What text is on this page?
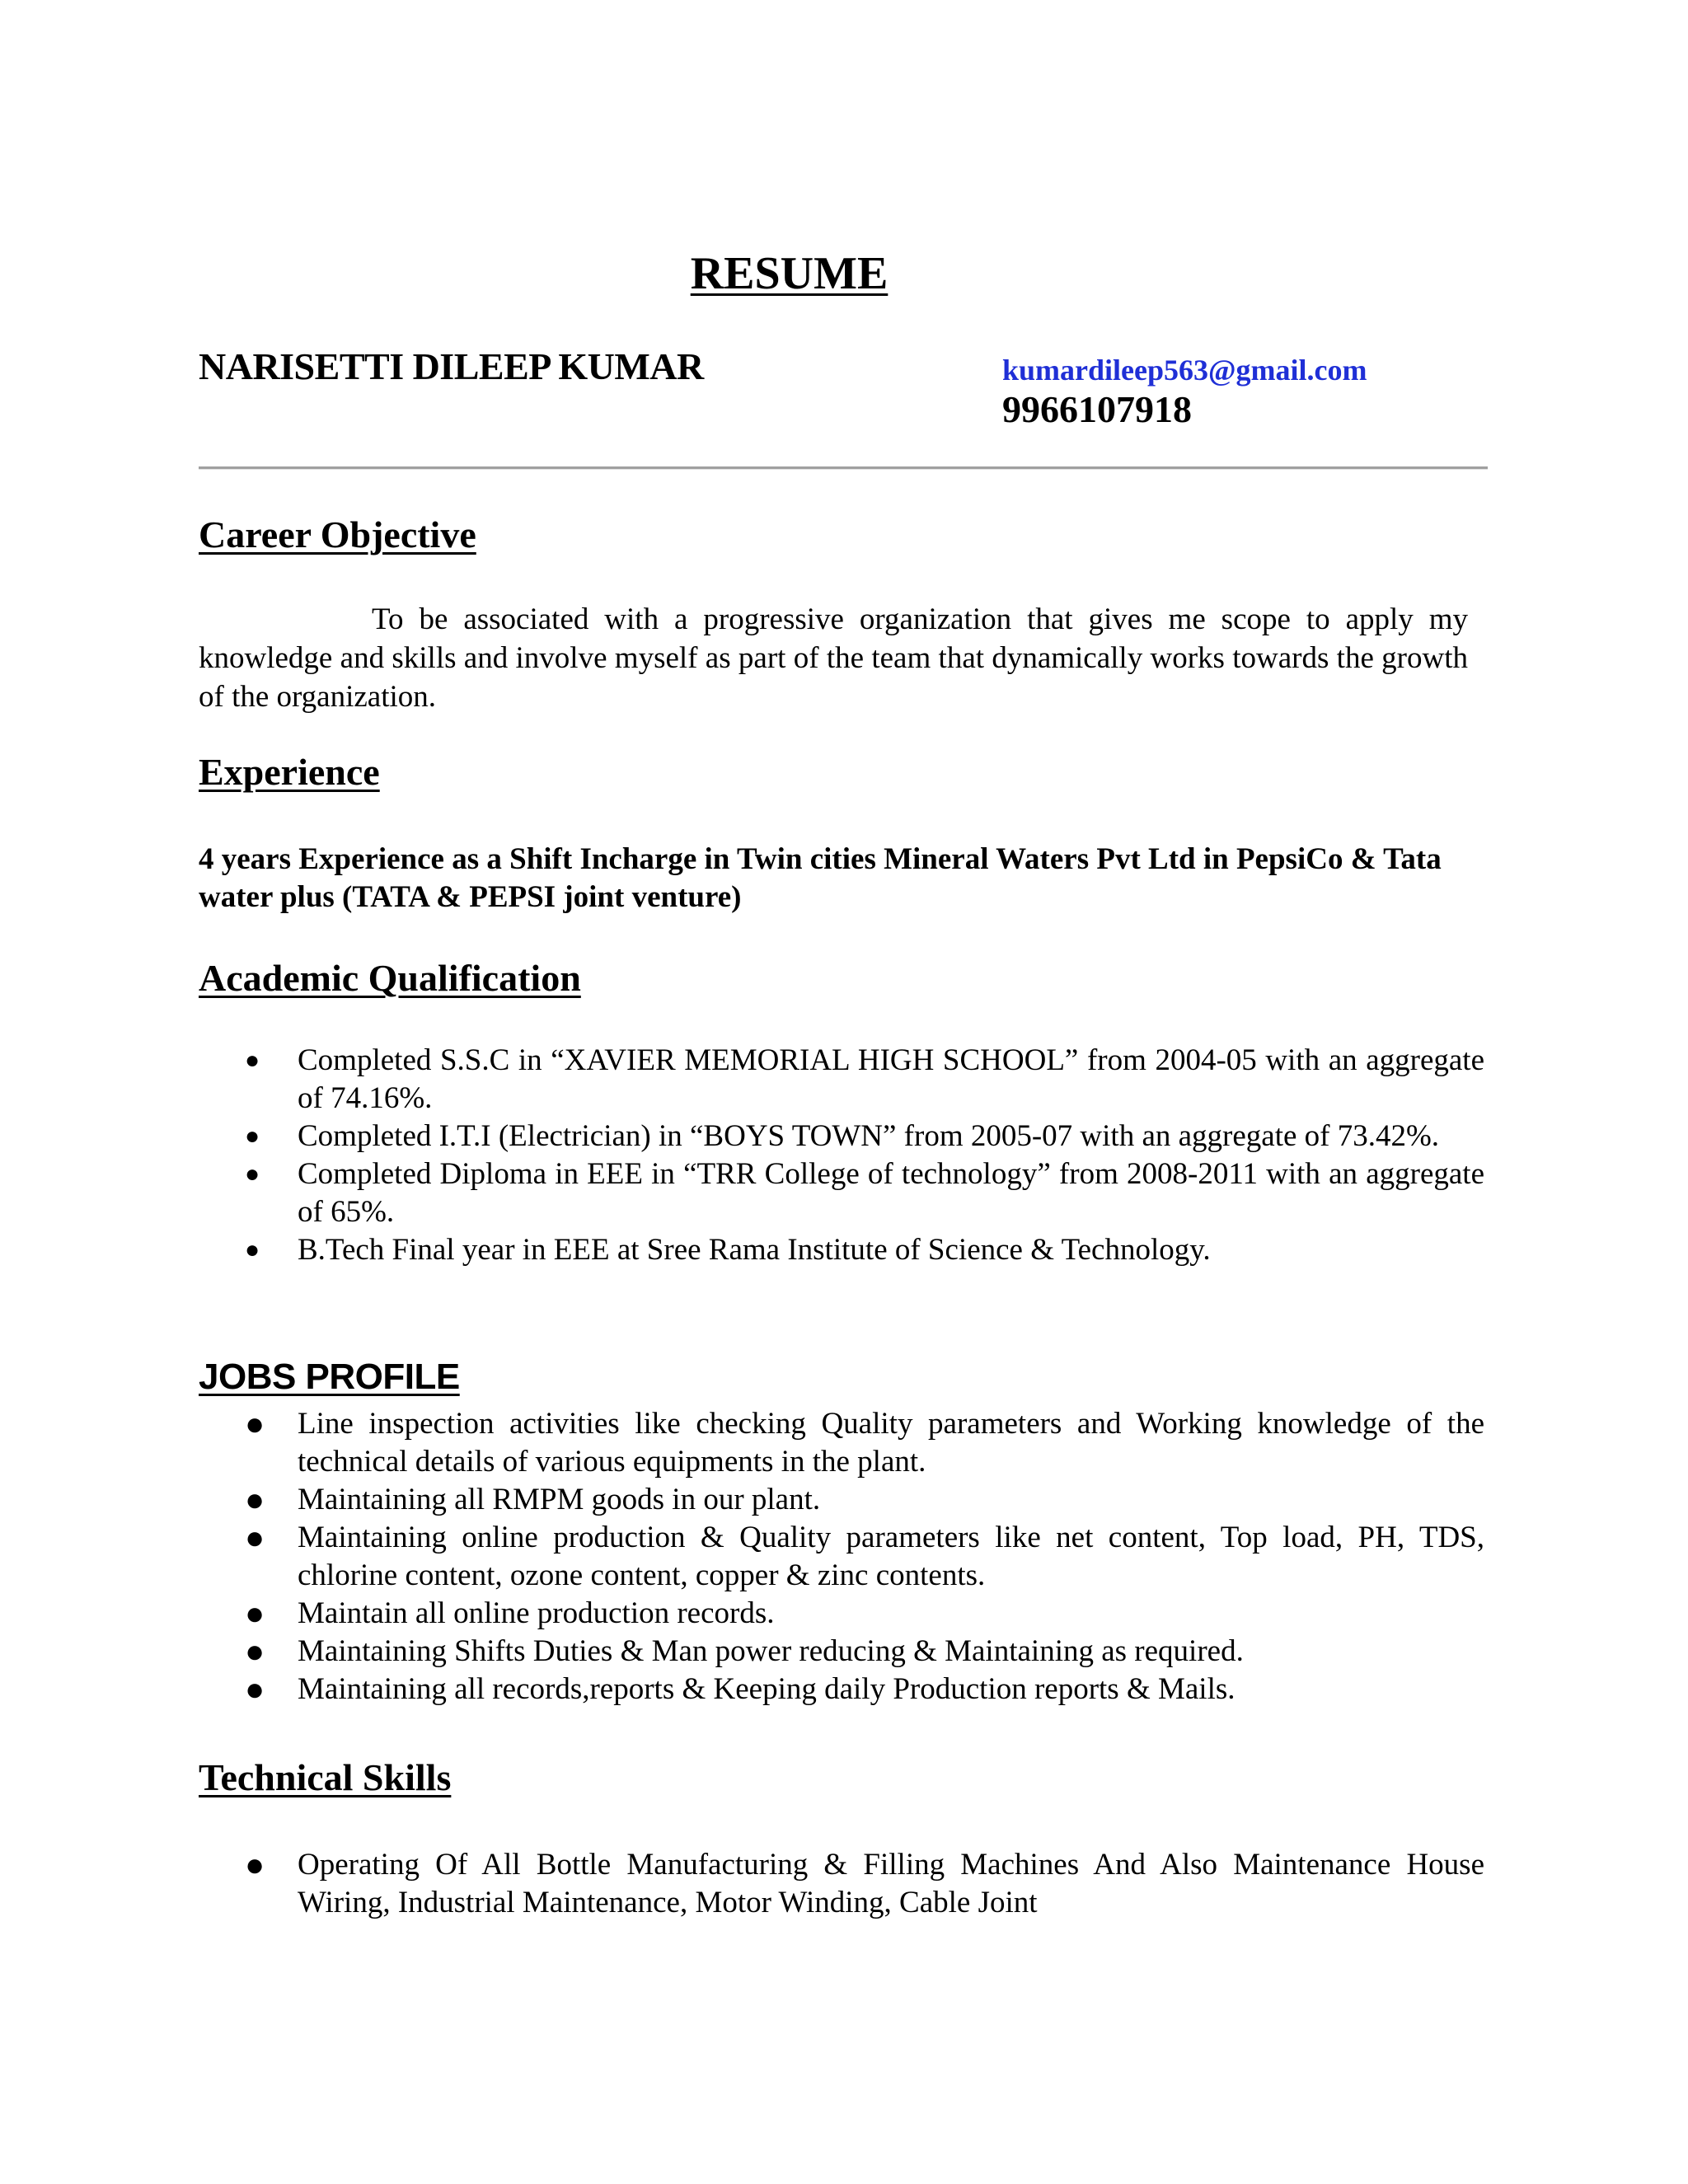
RESUME

NARISETTI DILEEP KUMAR	kumardileep563@gmail.com

9966107918

Career Objective

To be associated with a progressive organization that gives me scope to apply my knowledge and skills and involve myself as part of the team that dynamically works towards the growth of the organization.

Experience

4 years Experience as a Shift Incharge in Twin cities Mineral Waters Pvt Ltd in PepsiCo & Tata water plus (TATA & PEPSI joint venture)

Academic Qualification
● Completed S.S.C in “XAVIER MEMORIAL HIGH SCHOOL” from 2004-05 with an aggregate of 74.16%.
● Completed I.T.I (Electrician) in “BOYS TOWN” from 2005-07 with an aggregate of 73.42%.
● Completed Diploma in EEE in “TRR College of technology” from 2008-2011 with an aggregate of 65%.
● B.Tech Final year in EEE at Sree Rama Institute of Science & Technology.
JOBS PROFILE
● Line inspection activities like checking Quality parameters and Working knowledge of the technical details of various equipments in the plant.
● Maintaining all RMPM goods in our plant.
● Maintaining online production & Quality parameters like net content, Top load, PH, TDS, chlorine content, ozone content, copper & zinc contents.
● Maintain all online production records.
● Maintaining Shifts Duties & Man power reducing & Maintaining as required.
● Maintaining all records,reports & Keeping daily Production reports & Mails.
Technical Skills
● Operating Of All Bottle Manufacturing & Filling Machines And Also Maintenance House Wiring, Industrial Maintenance, Motor Winding, Cable Joint
